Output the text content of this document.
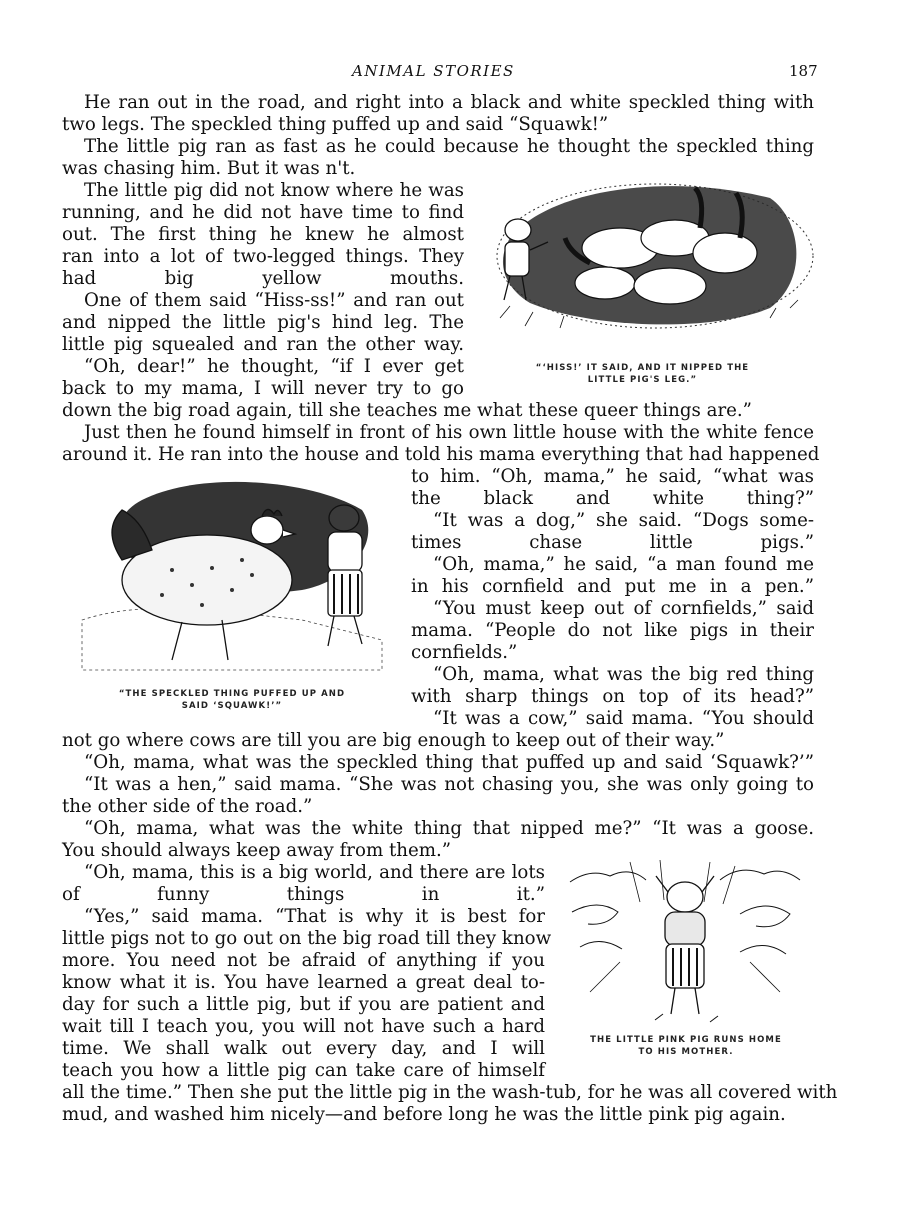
ANIMAL STORIES	187
He ran out in the road, and right into a black and white speckled thing with
two legs. The speckled thing puffed up and said “Squawk!”
The little pig ran as fast as he could because he thought the speckled thing
was chasing him. But it was n't.
The little pig did not know where he was
running, and he did not have time to find
out. The first thing he knew he almost
ran into a lot of two-legged things. They
had big yellow mouths.
One of them said “Hiss-ss!” and ran out
and nipped the little pig's hind leg. The
little pig squealed and ran the other way.
“Oh, dear!” he thought, “if I ever get
back to my mama, I will never try to go
down the big road again, till she teaches me what these queer things are.”
Just then he found himself in front of his own little house with the white fence
around it. He ran into the house and told his mama everything that had happened
to him. “Oh, mama,” he said, “what was
the black and white thing?”
“It was a dog,” she said. “Dogs some-
times chase little pigs.”
“Oh, mama,” he said, “a man found me
in his cornfield and put me in a pen.”
“You must keep out of cornfields,” said
mama. “People do not like pigs in their
cornfields.”
“Oh, mama, what was the big red thing
with sharp things on top of its head?”
“It was a cow,” said mama. “You should
not go where cows are till you are big enough to keep out of their way.”
“Oh, mama, what was the speckled thing that puffed up and said ‘Squawk?’”
“It was a hen,” said mama. “She was not chasing you, she was only going to
the other side of the road.”
“Oh, mama, what was the white thing that nipped me?” “It was a goose.
You should always keep away from them.”
“Oh, mama, this is a big world, and there are lots
of funny things in it.”
“Yes,” said mama. “That is why it is best for
little pigs not to go out on the big road till they know
more. You need not be afraid of anything if you
know what it is. You have learned a great deal to-
day for such a little pig, but if you are patient and
wait till I teach you, you will not have such a hard
time. We shall walk out every day, and I will
teach you how a little pig can take care of himself
all the time.” Then she put the little pig in the wash-tub, for he was all covered with
mud, and washed him nicely—and before long he was the little pink pig again.
“‘HISS!’ IT SAID, AND IT NIPPED THE
LITTLE PIG'S LEG.”
“THE SPECKLED THING PUFFED UP AND
SAID ‘SQUAWK!’”
THE LITTLE PINK PIG RUNS HOME
TO HIS MOTHER.
